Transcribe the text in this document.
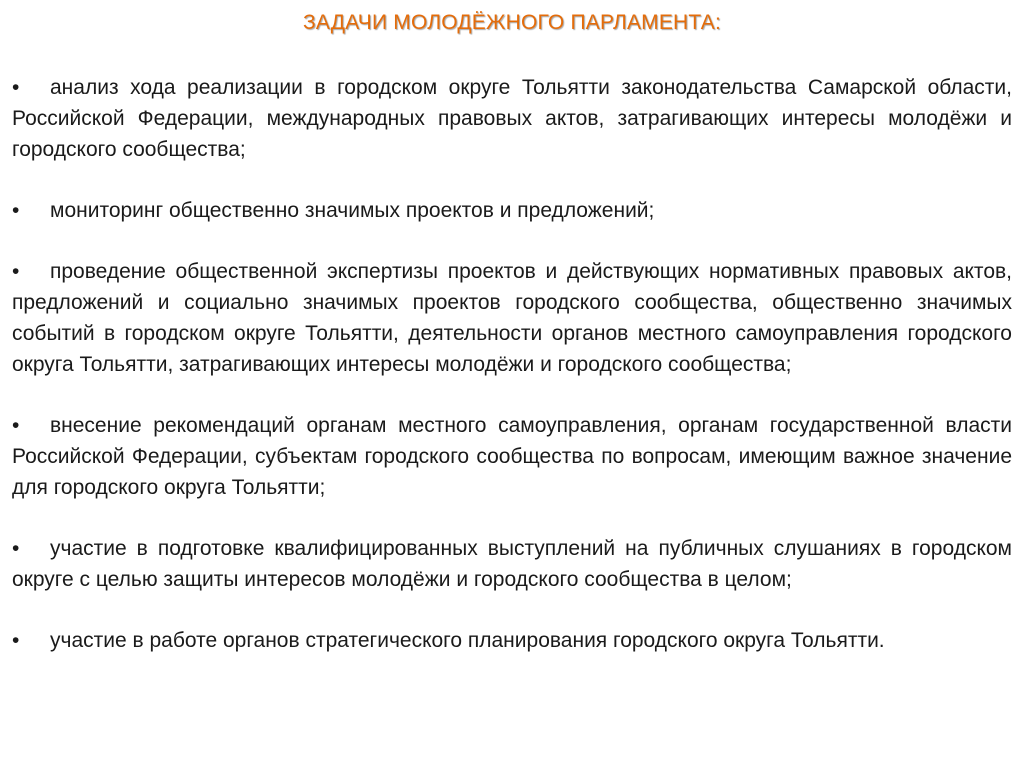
ЗАДАЧИ МОЛОДЁЖНОГО ПАРЛАМЕНТА:
• анализ хода реализации в городском округе Тольятти законодательства Самарской области, Российской Федерации, международных правовых актов, затрагивающих интересы молодёжи и городского сообщества;
• мониторинг общественно значимых проектов и предложений;
• проведение общественной экспертизы проектов и действующих нормативных правовых актов, предложений и социально значимых проектов городского сообщества, общественно значимых событий в городском округе Тольятти, деятельности органов местного самоуправления городского округа Тольятти, затрагивающих интересы молодёжи и городского сообщества;
• внесение рекомендаций органам местного самоуправления, органам государственной власти Российской Федерации, субъектам городского сообщества по вопросам, имеющим важное значение для городского округа Тольятти;
• участие в подготовке квалифицированных выступлений на публичных слушаниях в городском округе с целью защиты интересов молодёжи и городского сообщества в целом;
• участие в работе органов стратегического планирования городского округа Тольятти.
